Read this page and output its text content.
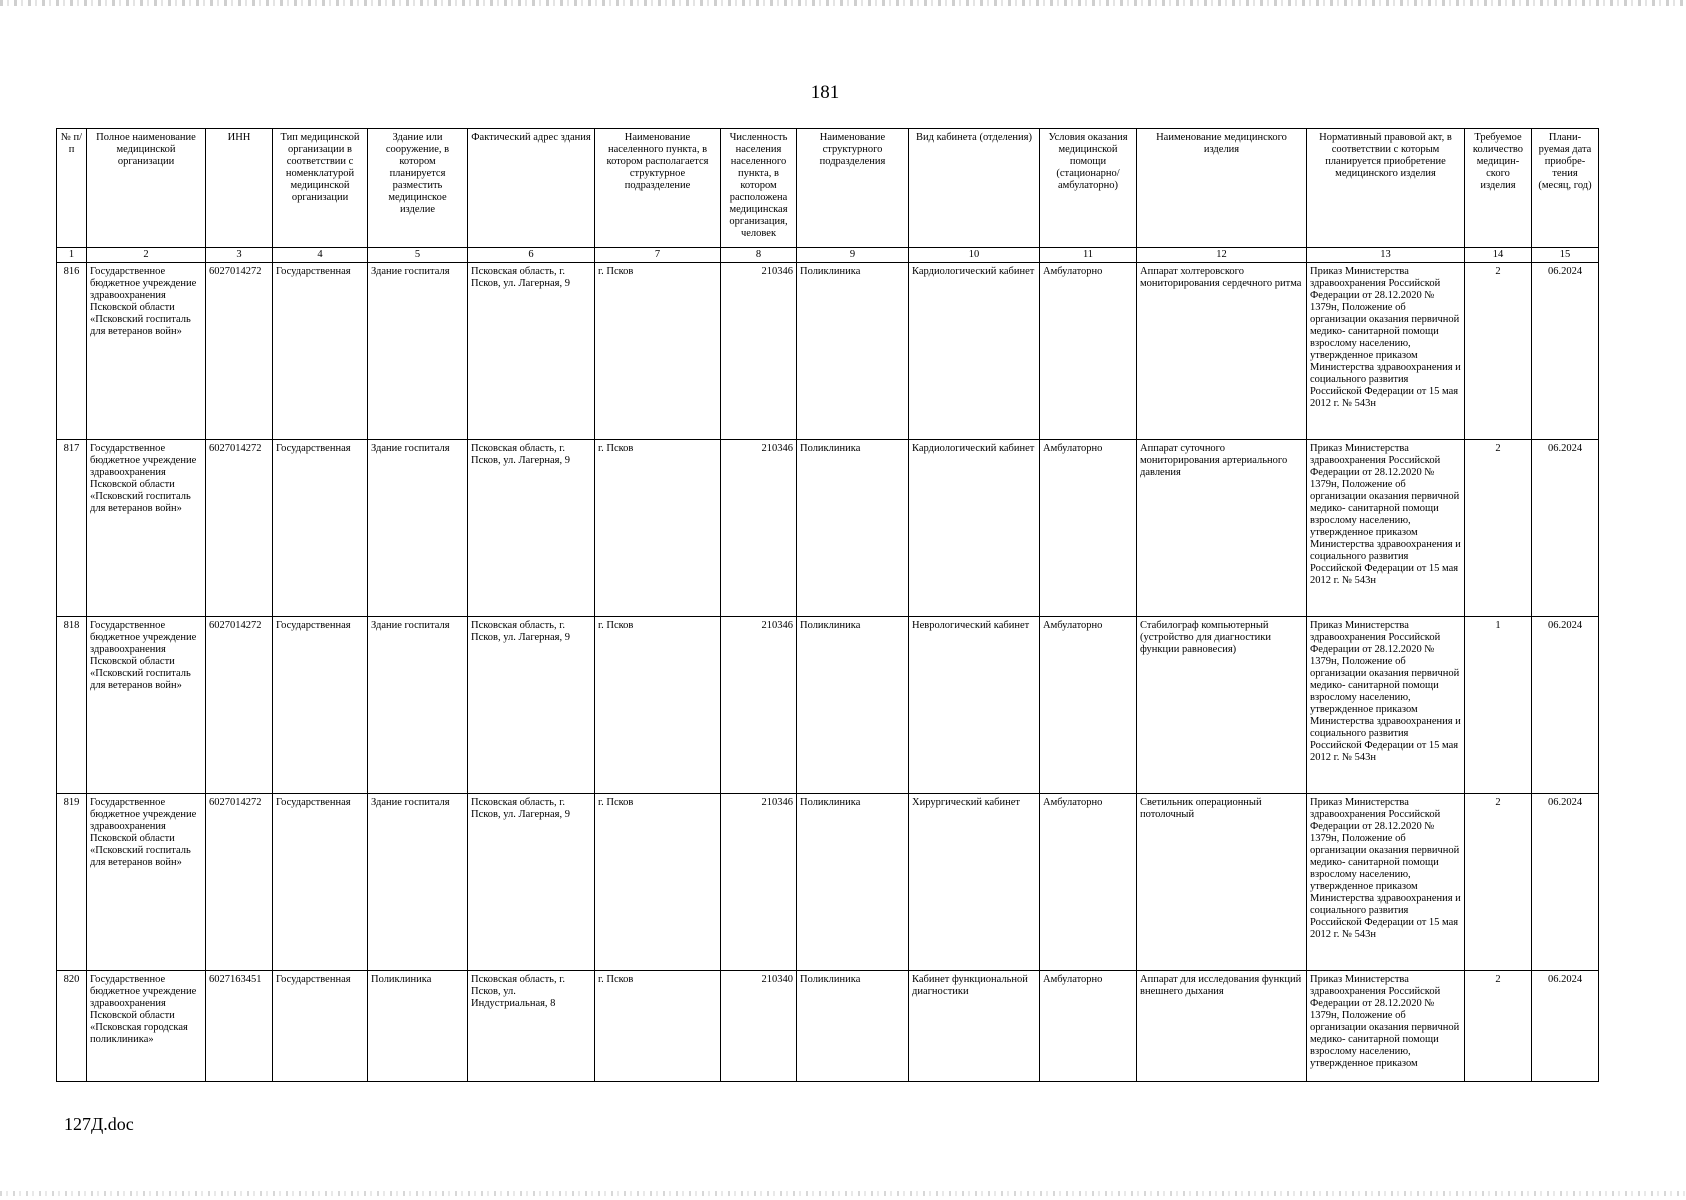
181
№ п/п	Полное наименование медицинской организации	ИНН	Тип медицинской организации в соответствии с номенклатурой медицинской организации	Здание или сооружение, в котором планируется разместить медицинское изделие	Фактический адрес здания	Наименование населенного пункта, в котором располагается структурное подразделение	Численность населения населенного пункта, в котором расположена медицинская организация, человек	Наименование структурного подразделения	Вид кабинета (отделения)	Условия оказания медицинской помощи (стационарно/ амбулаторно)	Наименование медицинского изделия	Нормативный правовой акт, в соответствии с которым планируется приобретение медицинского изделия	Требуемое количество медицин-ского изделия	Плани-руемая дата приобре-тения (месяц, год)
1	2	3	4	5	6	7	8	9	10	11	12	13	14	15
816	Государственное бюджетное учреждение здравоохранения Псковской области «Псковский госпиталь для ветеранов войн»	6027014272	Государственная	Здание госпиталя	Псковская область, г. Псков, ул. Лагерная, 9	г. Псков	210346	Поликлиника	Кардиологический кабинет	Амбулаторно	Аппарат холтеровского мониторирования сердечного ритма	Приказ Министерства здравоохранения Российской Федерации от 28.12.2020 № 1379н, Положение об организации оказания первичной медико- санитарной помощи взрослому населению, утвержденное приказом Министерства здравоохранения и социального развития Российской Федерации от 15 мая 2012 г. № 543н	2	06.2024
817	Государственное бюджетное учреждение здравоохранения Псковской области «Псковский госпиталь для ветеранов войн»	6027014272	Государственная	Здание госпиталя	Псковская область, г. Псков, ул. Лагерная, 9	г. Псков	210346	Поликлиника	Кардиологический кабинет	Амбулаторно	Аппарат суточного мониторирования артериального давления	Приказ Министерства здравоохранения Российской Федерации от 28.12.2020 № 1379н, Положение об организации оказания первичной медико- санитарной помощи взрослому населению, утвержденное приказом Министерства здравоохранения и социального развития Российской Федерации от 15 мая 2012 г. № 543н	2	06.2024
818	Государственное бюджетное учреждение здравоохранения Псковской области «Псковский госпиталь для ветеранов войн»	6027014272	Государственная	Здание госпиталя	Псковская область, г. Псков, ул. Лагерная, 9	г. Псков	210346	Поликлиника	Неврологический кабинет	Амбулаторно	Стабилограф компьютерный (устройство для диагностики функции равновесия)	Приказ Министерства здравоохранения Российской Федерации от 28.12.2020 № 1379н, Положение об организации оказания первичной медико- санитарной помощи взрослому населению, утвержденное приказом Министерства здравоохранения и социального развития Российской Федерации от 15 мая 2012 г. № 543н	1	06.2024
819	Государственное бюджетное учреждение здравоохранения Псковской области «Псковский госпиталь для ветеранов войн»	6027014272	Государственная	Здание госпиталя	Псковская область, г. Псков, ул. Лагерная, 9	г. Псков	210346	Поликлиника	Хирургический кабинет	Амбулаторно	Светильник операционный потолочный	Приказ Министерства здравоохранения Российской Федерации от 28.12.2020 № 1379н, Положение об организации оказания первичной медико- санитарной помощи взрослому населению, утвержденное приказом Министерства здравоохранения и социального развития Российской Федерации от 15 мая 2012 г. № 543н	2	06.2024
820	Государственное бюджетное учреждение здравоохранения Псковской области «Псковская городская поликлиника»	6027163451	Государственная	Поликлиника	Псковская область, г. Псков, ул. Индустриальная, 8	г. Псков	210340	Поликлиника	Кабинет функциональной диагностики	Амбулаторно	Аппарат для исследования функций внешнего дыхания	Приказ Министерства здравоохранения Российской Федерации от 28.12.2020 № 1379н, Положение об организации оказания первичной медико- санитарной помощи взрослому населению, утвержденное приказом	2	06.2024
127Д.doc
